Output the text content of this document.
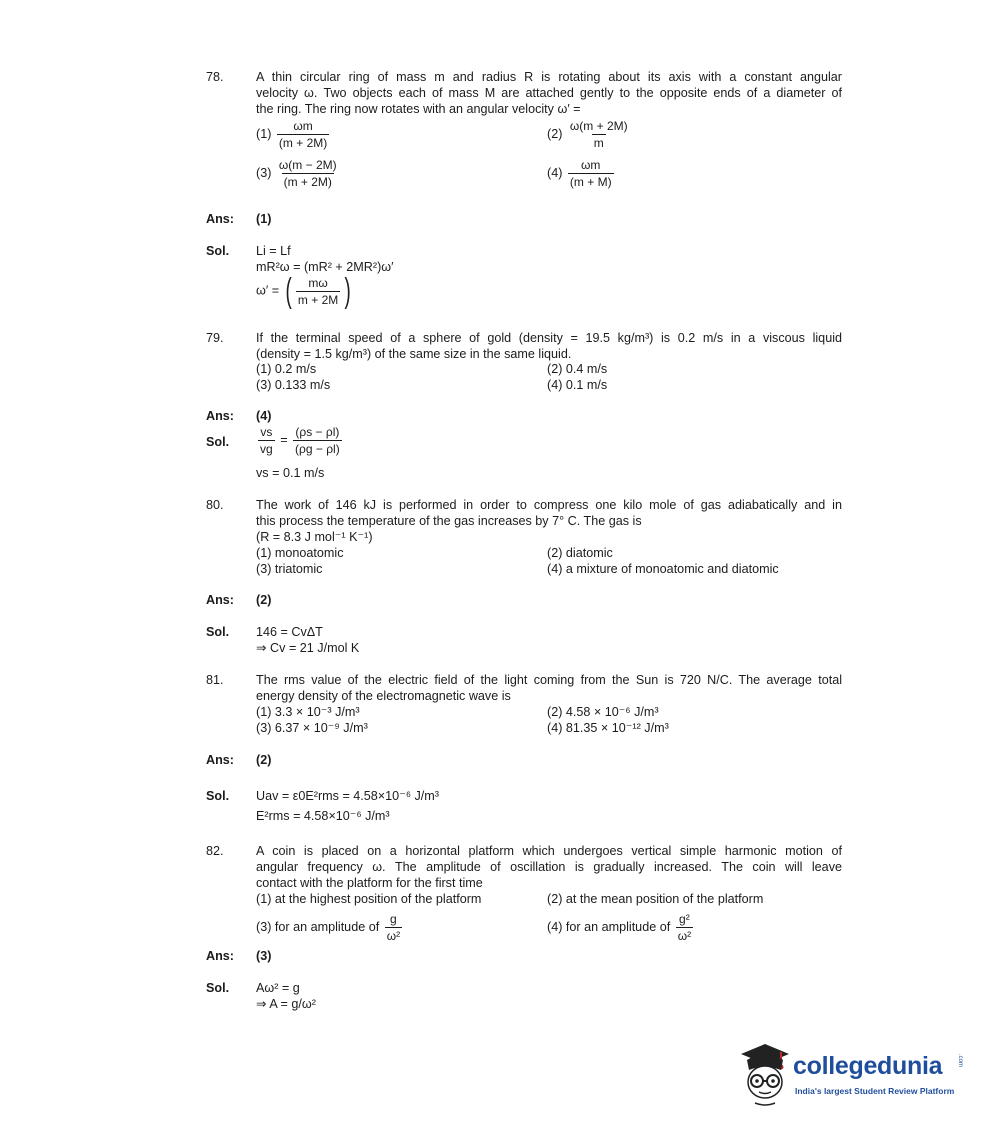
78.	A thin circular ring of mass m and radius R is rotating about its axis with a constant angular
velocity ω. Two objects each of mass M are attached gently to the opposite ends of a diameter of
the ring. The ring now rotates with an angular velocity ω′ =
$(1) \frac{\omega m}{(m + 2M)}$	$(2) \frac{\omega(m + 2M)}{m}$
$(3) \frac{\omega(m - 2M)}{(m + 2M)}$	$(4) \frac{\omega m}{(m + M)}$
Ans: (1)
Sol. Li = Lf
mR²ω = (mR² + 2MR²)ω′
ω′ = ( $\frac{m\omega}{m + 2M}$ )
79.	If the terminal speed of a sphere of gold (density = 19.5 kg/m³) is 0.2 m/s in a viscous liquid
(density = 1.5 kg/m³) of the same size in the same liquid.
(1) 0.2 m/s	(2) 0.4 m/s
(3) 0.133 m/s	(4) 0.1 m/s
Ans: (4)
Sol. $\frac{vs}{vg} = \frac{(\rho s - \rho l)}{(\rho g - \rho l)}$
vs = 0.1 m/s
80.	The work of 146 kJ is performed in order to compress one kilo mole of gas adiabatically and in
this process the temperature of the gas increases by 7° C. The gas is
(R = 8.3 J mol⁻¹ K⁻¹)
(1) monoatomic	(2) diatomic
(3) triatomic	(4) a mixture of monoatomic and diatomic
Ans: (2)
Sol. 146 = CvΔT
⇒ Cv = 21 J/mol K
81.	The rms value of the electric field of the light coming from the Sun is 720 N/C. The average total
energy density of the electromagnetic wave is
(1) 3.3 × 10⁻³ J/m³	(2) 4.58 × 10⁻⁶ J/m³
(3) 6.37 × 10⁻⁹ J/m³	(4) 81.35 × 10⁻¹² J/m³
Ans: (2)
Sol. Uav = ε0E²rms = 4.58×10⁻⁶ J/m³
E²rms = 4.58×10⁻⁶ J/m³
82.	A coin is placed on a horizontal platform which undergoes vertical simple harmonic motion of
angular frequency ω. The amplitude of oscillation is gradually increased. The coin will leave
contact with the platform for the first time
(1) at the highest position of the platform	(2) at the mean position of the platform
(3) for an amplitude of $\frac{g}{\text{ω²}}$	(4) for an amplitude of $\frac{\text{g²}}{\text{ω²}}$
Ans: (3)
Sol. Aω² = g
⇒ A = g/ω²
collegedunia .com
India's largest Student Review Platform
